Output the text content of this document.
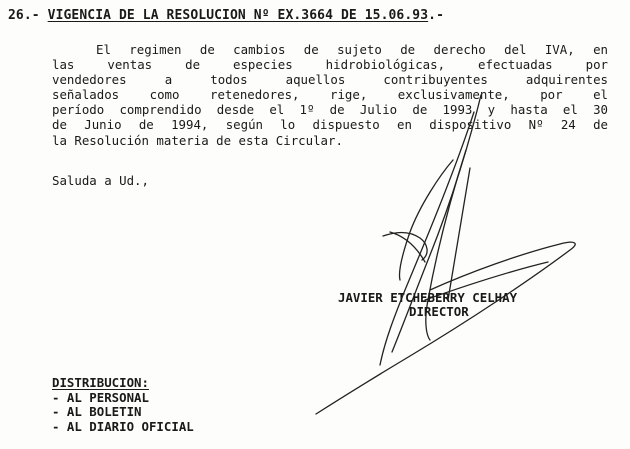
26.- VIGENCIA DE LA RESOLUCION Nº EX.3664 DE 15.06.93.-
El regimen de cambios de sujeto de derecho del IVA, en
las ventas de especies hidrobiológicas, efectuadas por
vendedores a todos aquellos contribuyentes adquirentes
señalados como retenedores, rige, exclusivamente, por el
período comprendido desde el 1º de Julio de 1993 y hasta el 30
de Junio de 1994, según lo dispuesto en dispositivo Nº 24 de
la Resolución materia de esta Circular.
Saluda a Ud.,
JAVIER ETCHEBERRY CELHAY
DIRECTOR
DISTRIBUCION:
- AL PERSONAL
- AL BOLETIN
- AL DIARIO OFICIAL
